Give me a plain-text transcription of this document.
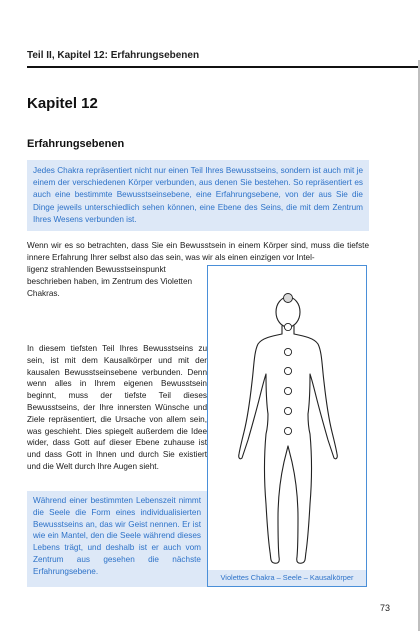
Teil II, Kapitel 12: Erfahrungsebenen
Kapitel 12
Erfahrungsebenen

Jedes Chakra repräsentiert nicht nur einen Teil Ihres Bewusstseins, sondern ist auch mit je einem der verschiedenen Körper verbunden, aus denen Sie bestehen. So repräsentiert es auch eine bestimmte Bewusstseinsebene, eine Erfahrungsebene, von der aus Sie die Dinge jeweils unterschiedlich sehen können, eine Ebene des Seins, die mit dem Zentrum Ihres Wesens verbunden ist.

Wenn wir es so betrachten, dass Sie ein Bewusstsein in einem Körper sind, muss die tiefste innere Erfahrung Ihrer selbst also das sein, was wir als einen einzigen vor Intel-

ligenz strahlenden Bewusstseinspunkt beschrieben haben, im Zentrum des Violetten Chakras.

In diesem tiefsten Teil Ihres Bewusstseins zu sein, ist mit dem Kausalkörper und mit der kausalen Bewusstseinsebene verbunden. Denn wenn alles in Ihrem eigenen Bewusstsein beginnt, muss der tiefste Teil dieses Bewusstseins, der Ihre innersten Wünsche und Ziele repräsentiert, die Ursache von allem sein, was geschieht. Dies spiegelt außerdem die Idee wider, dass Gott auf dieser Ebene zuhause ist und dass Gott in Ihnen und durch Sie existiert und die Welt durch Ihre Augen sieht.

Während einer bestimmten Lebenszeit nimmt die Seele die Form eines individualisierten Bewusstseins an, das wir Geist nennen. Er ist wie ein Mantel, den die Seele während dieses Lebens trägt, und deshalb ist er auch vom Zentrum aus gesehen die nächste Erfahrungsebene.

Violettes Chakra – Seele – Kausalkörper
73
